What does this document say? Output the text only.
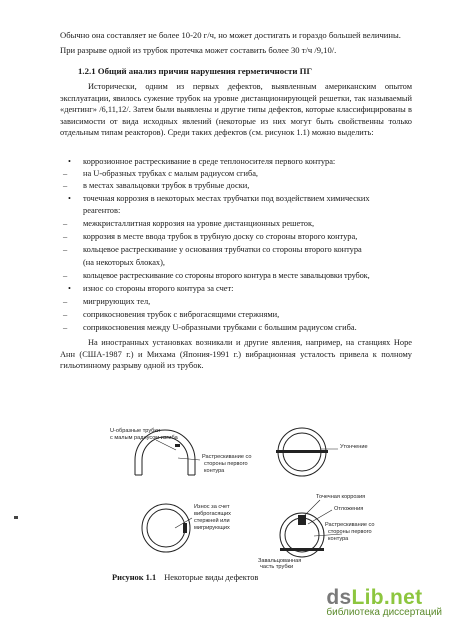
Обычно она составляет не более 10-20 г/ч, но может достигать и гораздо большей величины.
При разрыве одной из трубок протечка может составить более 30 т/ч /9,10/.
1.2.1 Общий анализ причин нарушения герметичности ПГ
Исторически, одним из первых дефектов, выявленным американским опытом эксплуатации, явилось сужение трубок на уровне дистанционирующей решетки, так называемый «дентинг» /6,11,12/. Затем были выявлены и другие типы дефектов, которые классифицированы в зависимости от вида исходных явлений (некоторые из них могут быть свойственны только отдельным типам реакторов). Среди таких дефектов (см. рисунок 1.1) можно выделить:
• коррозионное растрескивание в среде теплоносителя первого контура:
– на U-образных трубках с малым радиусом сгиба,
– в местах завальцовки трубок в трубные доски,
• точечная коррозия в некоторых местах трубчатки под воздействием химических
реагентов:
– межкристаллитная коррозия на уровне дистанционных решеток,
– коррозия в месте ввода трубок в трубную доску со стороны второго контура,
– кольцевое растрескивание у основания трубчатки со стороны второго контура
(на некоторых блоках),
– кольцевое растрескивание со стороны второго контура в месте завальцовки трубок,
• износ со стороны второго контура за счет:
– мигрирующих тел,
– соприкосновения трубок с виброгасящими стержнями,
– соприкосновения между U-образными трубками с большим радиусом сгиба.
На иностранных установках возникали и другие явления, например, на станциях Норе Анн (США-1987 г.) и Михама (Япония-1991 г.) вибрационная усталость привела к полному гильотинному разрыву одной из трубок.
U-образные трубки
с малым радиусом изгиба
Растрескивание со
стороны первого
контура
Утончение
Износ за счет
виброгасящих
стержней или
мигрирующих
Точечная коррозия
Отложения
Растрескивание со
стороны первого
контура
Завальцованная
часть трубки
Рисунок 1.1 Некоторые виды дефектов
dsLib.net
библиотека диссертаций
